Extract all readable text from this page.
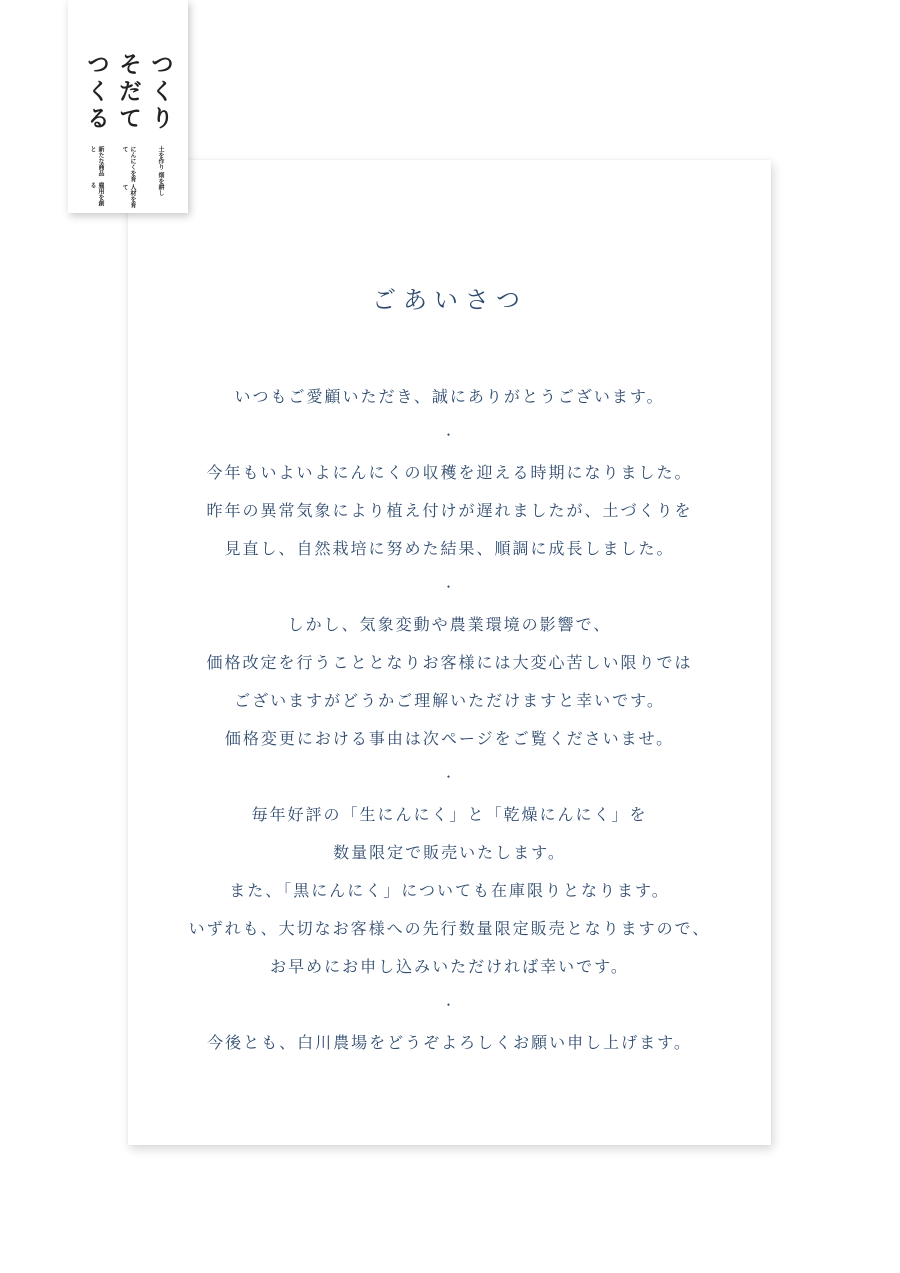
つくり
土を作り
畑を耕し
そだて
にんにくを育て
人材を育て
つくる
新たな商品と
雇用を創る
ごあいさつ
いつもご愛顧いただき、誠にありがとうございます。
・
今年もいよいよにんにくの収穫を迎える時期になりました。
昨年の異常気象により植え付けが遅れましたが、土づくりを
見直し、自然栽培に努めた結果、順調に成長しました。
・
しかし、気象変動や農業環境の影響で、
価格改定を行うこととなりお客様には大変心苦しい限りでは
ございますがどうかご理解いただけますと幸いです。
価格変更における事由は次ページをご覧くださいませ。
・
毎年好評の「生にんにく」と「乾燥にんにく」を
数量限定で販売いたします。
また、「黒にんにく」についても在庫限りとなります。
いずれも、大切なお客様への先行数量限定販売となりますので、
お早めにお申し込みいただければ幸いです。
・
今後とも、白川農場をどうぞよろしくお願い申し上げます。
